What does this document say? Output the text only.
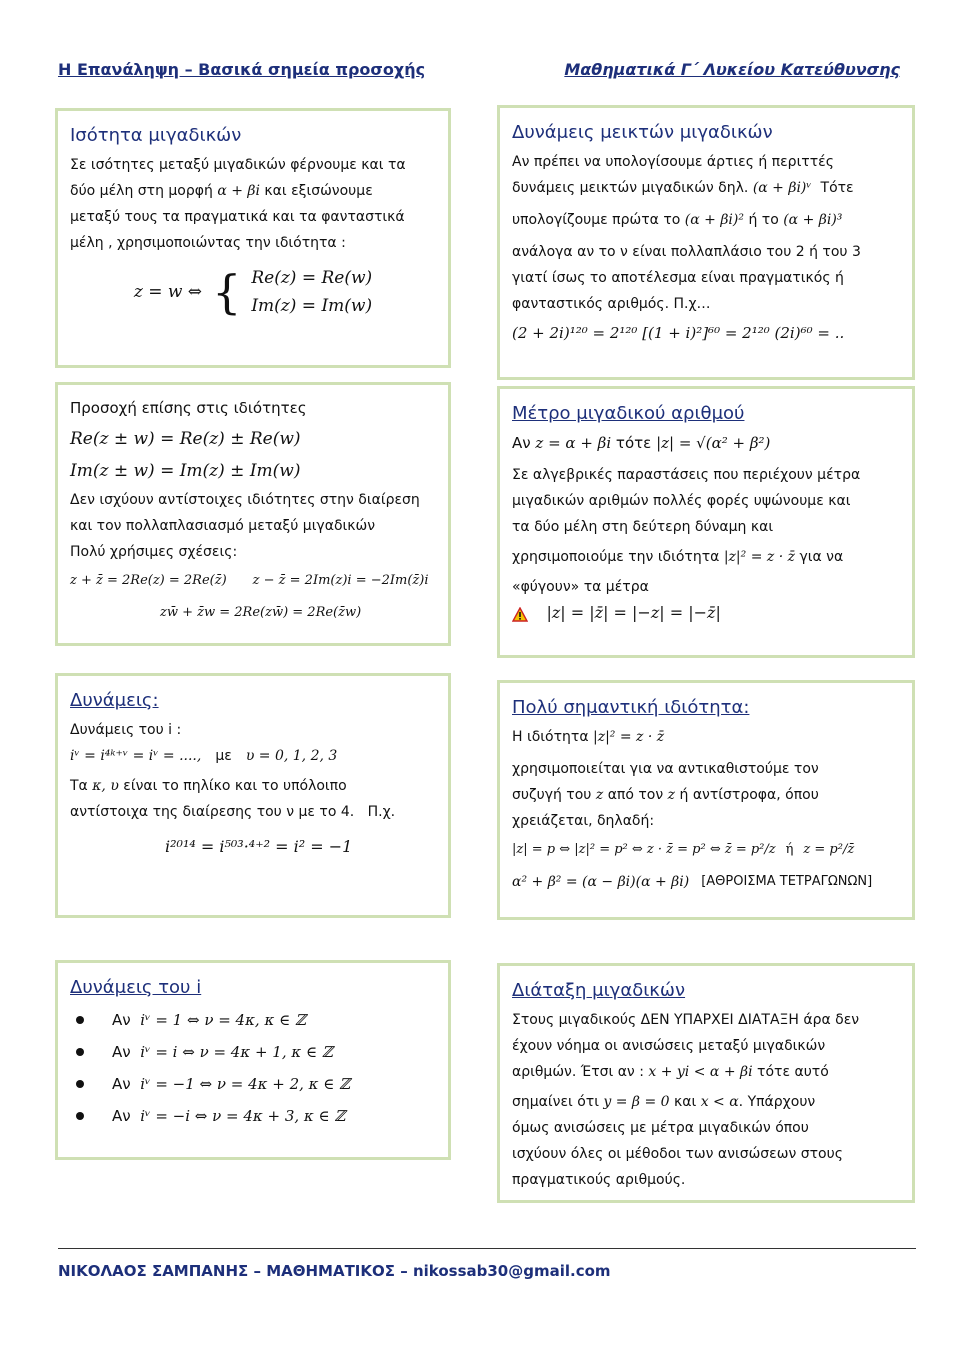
Η Επανάληψη – Βασικά σημεία προσοχής	Μαθηματικά Γ΄ Λυκείου Κατεύθυνσης
Ισότητα μιγαδικών
Σε ισότητες μεταξύ μιγαδικών φέρνουμε και τα
δύο μέλη στη μορφή α + βi και εξισώνουμε
μεταξύ τους τα πραγματικά και τα φανταστικά
μέλη , χρησιμοποιώντας την ιδιότητα :
z = w ⇔ { Re(z) = Re(w)
Im(z) = Im(w)
Προσοχή επίσης στις ιδιότητες
Re(z ± w) = Re(z) ± Re(w)
Im(z ± w) = Im(z) ± Im(w)
Δεν ισχύουν αντίστοιχες ιδιότητες στην διαίρεση
και τον πολλαπλασιασμό μεταξύ μιγαδικών
Πολύ χρήσιμες σχέσεις:
z + z̄ = 2Re(z) = 2Re(z̄) z − z̄ = 2Im(z)i = −2Im(z̄)i
zw̄ + z̄w = 2Re(zw̄) = 2Re(z̄w)
Δυνάμεις:
Δυνάμεις του i :
iᵛ = i⁴ᵏ⁺ᵛ = iᵛ = ...., με υ = 0, 1, 2, 3
Τα κ, υ είναι το πηλίκο και το υπόλοιπο
αντίστοιχα της διαίρεσης του ν με το 4. Π.χ.
i²⁰¹⁴ = i⁵⁰³·⁴⁺² = i² = −1
Δυνάμεις του i
Αν
iᵛ = 1 ⇔ ν = 4κ, κ ∈ ℤ
Αν
iᵛ = i ⇔ ν = 4κ + 1, κ ∈ ℤ
Αν
iᵛ = −1 ⇔ ν = 4κ + 2, κ ∈ ℤ
Αν
iᵛ = −i ⇔ ν = 4κ + 3, κ ∈ ℤ
Δυνάμεις μεικτών μιγαδικών
Αν πρέπει να υπολογίσουμε άρτιες ή περιττές
δυνάμεις μεικτών μιγαδικών δηλ. (α + βi)ᵛ Τότε
υπολογίζουμε πρώτα το (α + βi)² ή το (α + βi)³
ανάλογα αν το ν είναι πολλαπλάσιο του 2 ή του 3
γιατί ίσως το αποτέλεσμα είναι πραγματικός ή
φανταστικός αριθμός. Π.χ…
(2 + 2i)¹²⁰ = 2¹²⁰ [(1 + i)²]⁶⁰ = 2¹²⁰ (2i)⁶⁰ = ..
Μέτρο μιγαδικού αριθμού
Αν z = α + βi τότε |z| = √(α² + β²)
Σε αλγεβρικές παραστάσεις που περιέχουν μέτρα
μιγαδικών αριθμών πολλές φορές υψώνουμε και
τα δύο μέλη στη δεύτερη δύναμη και
χρησιμοποιούμε την ιδιότητα |z|² = z · z̄ για να
«φύγουν» τα μέτρα
|z| = |z̄| = |−z| = |−z̄|
Πολύ σημαντική ιδιότητα:
Η ιδιότητα |z|² = z · z̄
χρησιμοποιείται για να αντικαθιστούμε τον
συζυγή του z από τον z ή αντίστροφα, όπου
χρειάζεται, δηλαδή:
|z| = p ⇔ |z|² = p² ⇔ z · z̄ = p² ⇔ z̄ = p²/z ή z = p²/z̄
α² + β² = (α − βi)(α + βi) [ΑΘΡΟΙΣΜΑ ΤΕΤΡΑΓΩΝΩΝ]
Διάταξη μιγαδικών
Στους μιγαδικούς ΔΕΝ ΥΠΑΡΧΕΙ ΔΙΑΤΑΞΗ άρα δεν
έχουν νόημα οι ανισώσεις μεταξύ μιγαδικών
αριθμών. Έτσι αν : x + yi < α + βi τότε αυτό
σημαίνει ότι y = β = 0 και x < α. Υπάρχουν
όμως ανισώσεις με μέτρα μιγαδικών όπου
ισχύουν όλες οι μέθοδοι των ανισώσεων στους
πραγματικούς αριθμούς.
ΝΙΚΟΛΑΟΣ ΣΑΜΠΑΝΗΣ – ΜΑΘΗΜΑΤΙΚΟΣ – nikossab30@gmail.com
